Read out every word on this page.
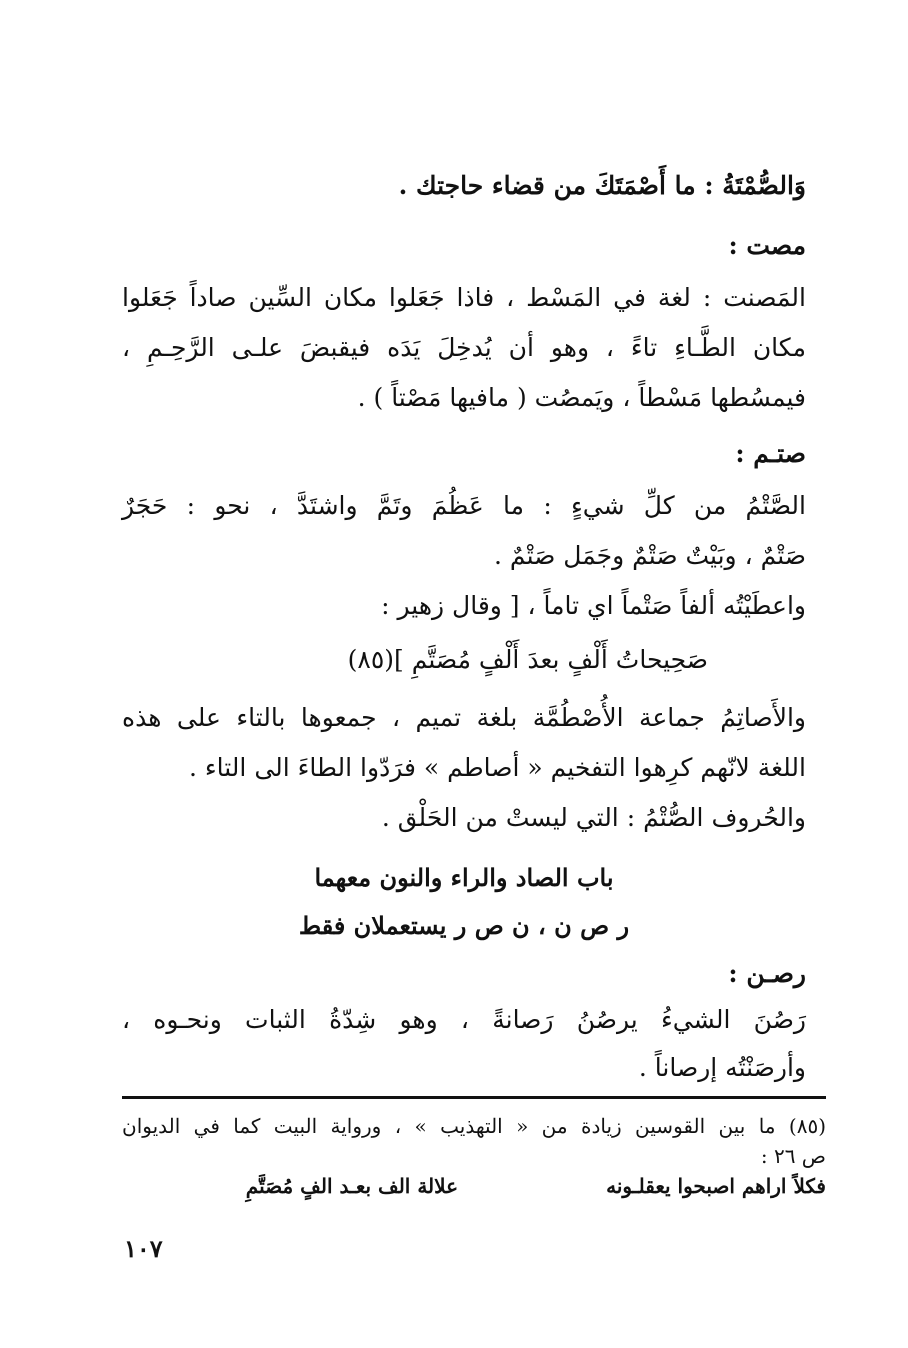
وَالصُّمْتَةُ : ما أَصْمَتَكَ من قضاء حاجتك .
مصت :
المَصنت : لغة في المَسْط ، فاذا جَعَلوا مكان السِّين صاداً جَعَلوا
مكان الطَّـاءِ تاءً ، وهو أن يُدخِلَ يَدَه فيقبضَ علـى الرَّحِـمِ ،
فيمسُطها مَسْطاً ، ويَمصُت ( مافيها مَصْتاً ) .
صتـم :
الصَّتْمُ من كلِّ شيءٍ : ما عَظُمَ وتَمَّ واشتَدَّ ، نحو : حَجَرٌ
صَتْمٌ ، وبَيْتٌ صَتْمٌ وجَمَل صَتْمٌ .
واعطَيْتُه ألفاً صَتْماً اي تاماً ، [ وقال زهير :
صَحِيحاتُ أَلْفٍ بعدَ أَلْفٍ مُصَتَّمِ ](٨٥)
والأَصاتِمُ جماعة الأُصْطُمَّة بلغة تميم ، جمعوها بالتاء على هذه
اللغة لانّهم كرِهوا التفخيم « أصاطم » فرَدّوا الطاءَ الى التاء .
والحُروف الصُّتْمُ : التي ليستْ من الحَلْق .
باب الصاد والراء والنون معهما
ر ص ن ، ن ص ر يستعملان فقط
رصـن :
رَصُنَ الشيءُ يرصُنُ رَصانةً ، وهو شِدّةُ الثبات ونحـوه ،
وأرصَنْتُه إرصاناً .
(٨٥) ما بين القوسين زيادة من « التهذيب » ، ورواية البيت كما في الديوان
ص ٢٦ :
فكلاً اراهم اصبحوا يعقلـونه
علالة الف بعـد الفٍ مُصَتَّمِ
١٠٧
